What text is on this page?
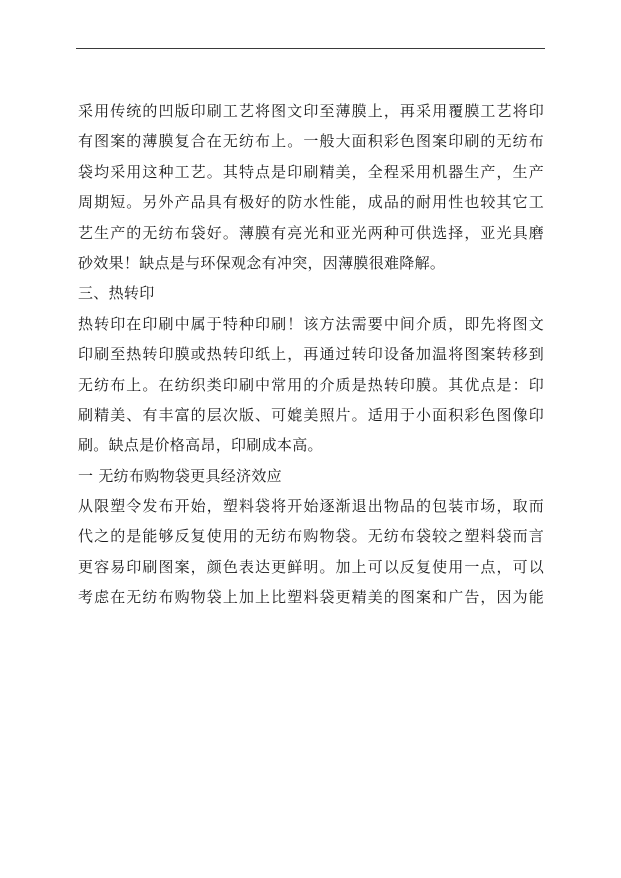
采用传统的凹版印刷工艺将图文印至薄膜上，再采用覆膜工艺将印
有图案的薄膜复合在无纺布上。一般大面积彩色图案印刷的无纺布
袋均采用这种工艺。其特点是印刷精美，全程采用机器生产，生产
周期短。另外产品具有极好的防水性能，成品的耐用性也较其它工
艺生产的无纺布袋好。薄膜有亮光和亚光两种可供选择，亚光具磨
砂效果！缺点是与环保观念有冲突，因薄膜很难降解。
三、热转印
热转印在印刷中属于特种印刷！该方法需要中间介质，即先将图文
印刷至热转印膜或热转印纸上，再通过转印设备加温将图案转移到
无纺布上。在纺织类印刷中常用的介质是热转印膜。其优点是：印
刷精美、有丰富的层次版、可媲美照片。适用于小面积彩色图像印
刷。缺点是价格高昂，印刷成本高。
一 无纺布购物袋更具经济效应
从限塑令发布开始，塑料袋将开始逐渐退出物品的包装市场，取而
代之的是能够反复使用的无纺布购物袋。无纺布袋较之塑料袋而言
更容易印刷图案，颜色表达更鲜明。加上可以反复使用一点，可以
考虑在无纺布购物袋上加上比塑料袋更精美的图案和广告，因为能
